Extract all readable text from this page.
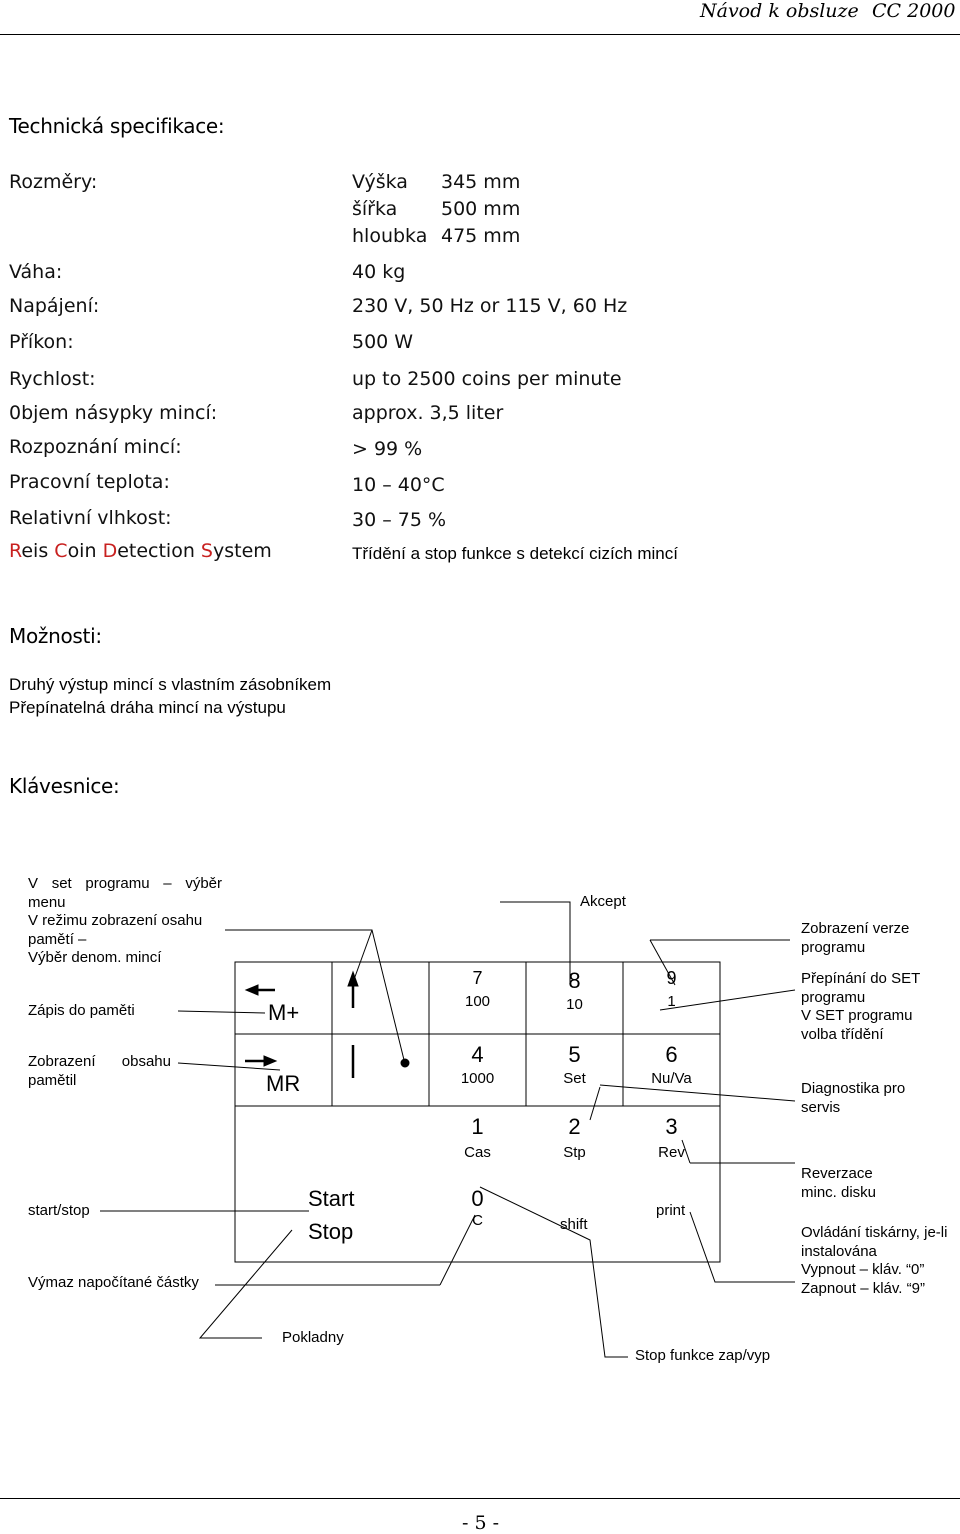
Návod k obsluze CC 2000
Technická specifikace:
Rozměry:	Výška 345 mm
šířka 500 mm
hloubka 475 mm
Váha:	40 kg
Napájení:	230 V, 50 Hz or 115 V, 60 Hz
Příkon:	500 W
Rychlost:	up to 2500 coins per minute
0bjem násypky mincí:	approx. 3,5 liter
Rozpoznání mincí:	> 99 %
Pracovní teplota:	10 – 40°C
Relativní vlhkost:	30 – 75 %
Reis Coin Detection System	Třídění a stop funkce s detekcí cizích mincí
Možnosti:
Druhý výstup mincí s vlastním zásobníkem
Přepínatelná dráha mincí na výstupu
Klávesnice:
V set programu – výběr
menu
V režimu zobrazení osahu
pamětí –
Výběr denom. mincí
Zápis do paměti
Zobrazení obsahu
pamětil
start/stop
Výmaz napočítané částky
Zobrazení verze
programu
Přepínání do SET
programu
V SET programu
volba třídění
Diagnostika pro
servis
Reverzace
minc. disku
Ovládání tiskárny, je-li
instalována
Vypnout – kláv. “0”
Zapnout – kláv. “9”
Akcept
Pokladny
Stop funkce zap/vyp
M+
MR
Start
Stop
7
100
8
10
9
1
4
1000
5
Set
6
Nu/Va
1
Cas
2
Stp
3
Rev
0
C	shift
print
- 5 -
